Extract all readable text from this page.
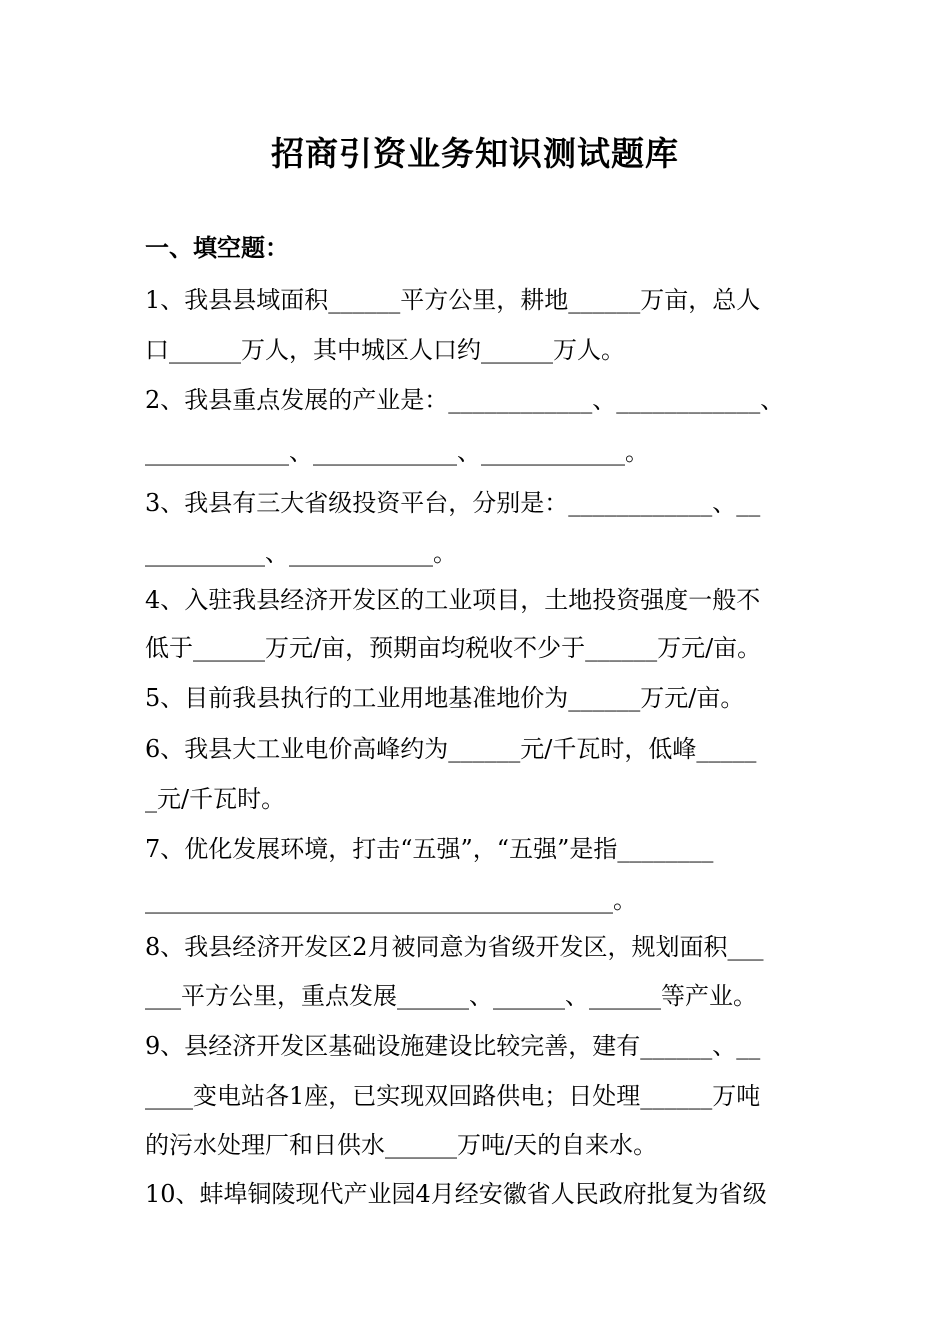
招商引资业务知识测试题库
一、填空题：
1、我县县域面积______平方公里，耕地______万亩，总人
口______万人，其中城区人口约______万人。
2、我县重点发展的产业是：____________、____________、
____________、____________、____________。
3、我县有三大省级投资平台，分别是：____________、__
__________、____________。
4、入驻我县经济开发区的工业项目，土地投资强度一般不
低于______万元/亩，预期亩均税收不少于______万元/亩。
5、目前我县执行的工业用地基准地价为______万元/亩。
6、我县大工业电价高峰约为______元/千瓦时，低峰_____
_元/千瓦时。
7、优化发展环境，打击“五强”，“五强”是指________
_______________________________________。
8、我县经济开发区2月被同意为省级开发区，规划面积___
___平方公里，重点发展______、______、______等产业。
9、县经济开发区基础设施建设比较完善，建有______、__
____变电站各1座，已实现双回路供电；日处理______万吨
的污水处理厂和日供水______万吨/天的自来水。
10、蚌埠铜陵现代产业园4月经安徽省人民政府批复为省级
